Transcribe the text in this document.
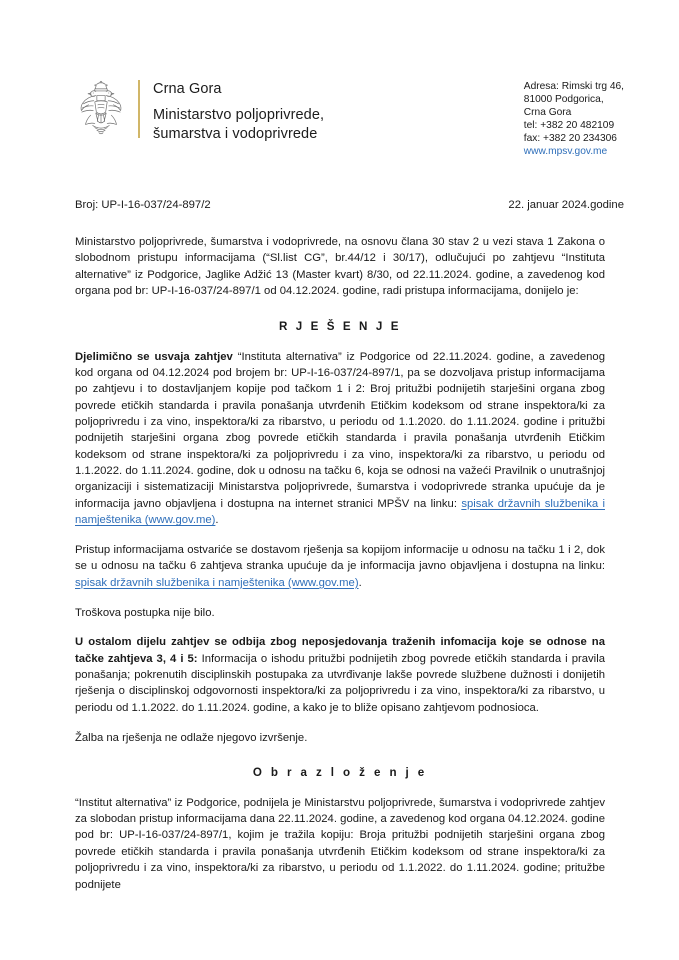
Crna Gora
Ministarstvo poljoprivrede,
šumarstva i vodoprivrede
Adresa: Rimski trg 46,
81000 Podgorica,
Crna Gora
tel: +382 20 482109
fax: +382 20 234306
www.mpsv.gov.me
Broj: UP-I-16-037/24-897/2	22. januar 2024.godine

Ministarstvo poljoprivrede, šumarstva i vodoprivrede, na osnovu člana 30 stav 2 u vezi stava 1 Zakona o slobodnom pristupu informacijama (“Sl.list CG”, br.44/12 i 30/17), odlučujući po zahtjevu “Instituta alternative” iz Podgorice, Jaglike Adžić 13 (Master kvart) 8/30, od 22.11.2024. godine, a zavedenog kod organa pod br: UP-I-16-037/24-897/1 od 04.12.2024. godine, radi pristupa informacijama, donijelo je:

R J E Š E N J E

Djelimično se usvaja zahtjev “Instituta alternativa” iz Podgorice od 22.11.2024. godine, a zavedenog kod organa od 04.12.2024 pod brojem br: UP-I-16-037/24-897/1, pa se dozvoljava pristup informacijama po zahtjevu i to dostavljanjem kopije pod tačkom 1 i 2: Broj pritužbi podnijetih starješini organa zbog povrede etičkih standarda i pravila ponašanja utvrđenih Etičkim kodeksom od strane inspektora/ki za poljoprivredu i za vino, inspektora/ki za ribarstvo, u periodu od 1.1.2020. do 1.11.2024. godine i pritužbi podnijetih starješini organa zbog povrede etičkih standarda i pravila ponašanja utvrđenih Etičkim kodeksom od strane inspektora/ki za poljoprivredu i za vino, inspektora/ki za ribarstvo, u periodu od 1.1.2022. do 1.11.2024. godine, dok u odnosu na tačku 6, koja se odnosi na važeći Pravilnik o unutrašnjoj organizaciji i sistematizaciji Ministarstva poljoprivrede, šumarstva i vodoprivrede stranka upućuje da je informacija javno objavljena i dostupna na internet stranici MPŠV na linku: spisak državnih službenika i namještenika (www.gov.me).

Pristup informacijama ostvariće se dostavom rješenja sa kopijom informacije u odnosu na tačku 1 i 2, dok se u odnosu na tačku 6 zahtjeva stranka upućuje da je informacija javno objavljena i dostupna na linku: spisak državnih službenika i namještenika (www.gov.me).

Troškova postupka nije bilo.

U ostalom dijelu zahtjev se odbija zbog neposjedovanja traženih infomacija koje se odnose na tačke zahtjeva 3, 4 i 5: Informacija o ishodu pritužbi podnijetih zbog povrede etičkih standarda i pravila ponašanja; pokrenutih disciplinskih postupaka za utvrđivanje lakše povrede službene dužnosti i donijetih rješenja o disciplinskoj odgovornosti inspektora/ki za poljoprivredu i za vino, inspektora/ki za ribarstvo, u periodu od 1.1.2022. do 1.11.2024. godine, a kako je to bliže opisano zahtjevom podnosioca.

Žalba na rješenja ne odlaže njegovo izvršenje.

O b r a z l o ž e n j e

“Institut alternativa” iz Podgorice, podnijela je Ministarstvu poljoprivrede, šumarstva i vodoprivrede zahtjev za slobodan pristup informacijama dana 22.11.2024. godine, a zavedenog kod organa 04.12.2024. godine pod br: UP-I-16-037/24-897/1, kojim je tražila kopiju: Broja pritužbi podnijetih starješini organa zbog povrede etičkih standarda i pravila ponašanja utvrđenih Etičkim kodeksom od strane inspektora/ki za poljoprivredu i za vino, inspektora/ki za ribarstvo, u periodu od 1.1.2022. do 1.11.2024. godine; pritužbe podnijete
